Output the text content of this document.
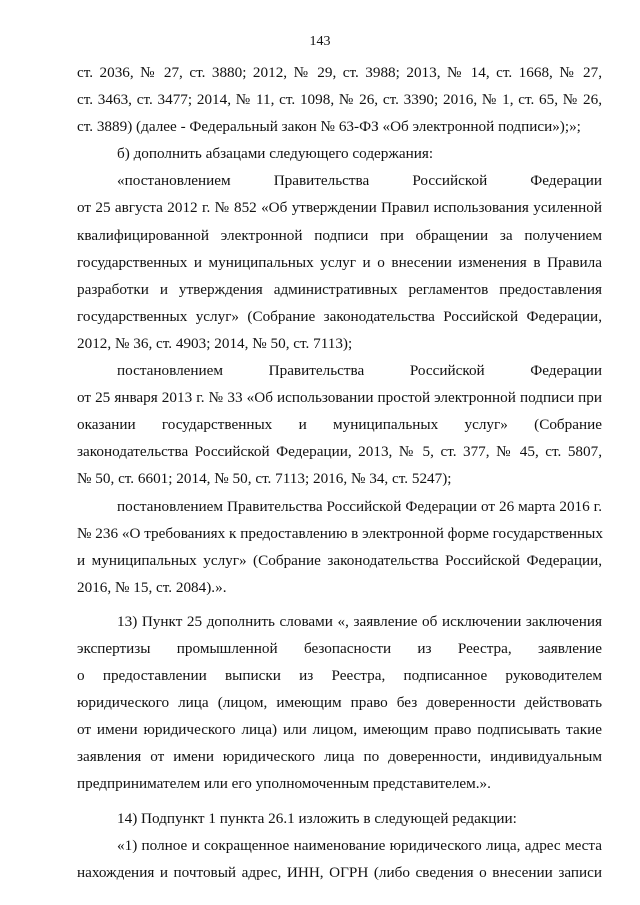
143
ст. 2036, № 27, ст. 3880; 2012, № 29, ст. 3988; 2013, № 14, ст. 1668, № 27,
ст. 3463, ст. 3477; 2014, № 11, ст. 1098, № 26, ст. 3390; 2016, № 1, ст. 65, № 26,
ст. 3889) (далее - Федеральный закон № 63-ФЗ «Об электронной подписи»);»;
б) дополнить абзацами следующего содержания:
«постановлением Правительства Российской Федерации
от 25 августа 2012 г. № 852 «Об утверждении Правил использования усиленной
квалифицированной электронной подписи при обращении за получением
государственных и муниципальных услуг и о внесении изменения в Правила
разработки и утверждения административных регламентов предоставления
государственных услуг» (Собрание законодательства Российской Федерации,
2012, № 36, ст. 4903; 2014, № 50, ст. 7113);
постановлением Правительства Российской Федерации
от 25 января 2013 г. № 33 «Об использовании простой электронной подписи при
оказании государственных и муниципальных услуг» (Собрание
законодательства Российской Федерации, 2013, № 5, ст. 377, № 45, ст. 5807,
№ 50, ст. 6601; 2014, № 50, ст. 7113; 2016, № 34, ст. 5247);
постановлением Правительства Российской Федерации от 26 марта 2016 г.
№ 236 «О требованиях к предоставлению в электронной форме государственных
и муниципальных услуг» (Собрание законодательства Российской Федерации,
2016, № 15, ст. 2084).».
13) Пункт 25 дополнить словами «, заявление об исключении заключения
экспертизы промышленной безопасности из Реестра, заявление
о предоставлении выписки из Реестра, подписанное руководителем
юридического лица (лицом, имеющим право без доверенности действовать
от имени юридического лица) или лицом, имеющим право подписывать такие
заявления от имени юридического лица по доверенности, индивидуальным
предпринимателем или его уполномоченным представителем.».
14) Подпункт 1 пункта 26.1 изложить в следующей редакции:
«1) полное и сокращенное наименование юридического лица, адрес места
нахождения и почтовый адрес, ИНН, ОГРН (либо сведения о внесении записи
